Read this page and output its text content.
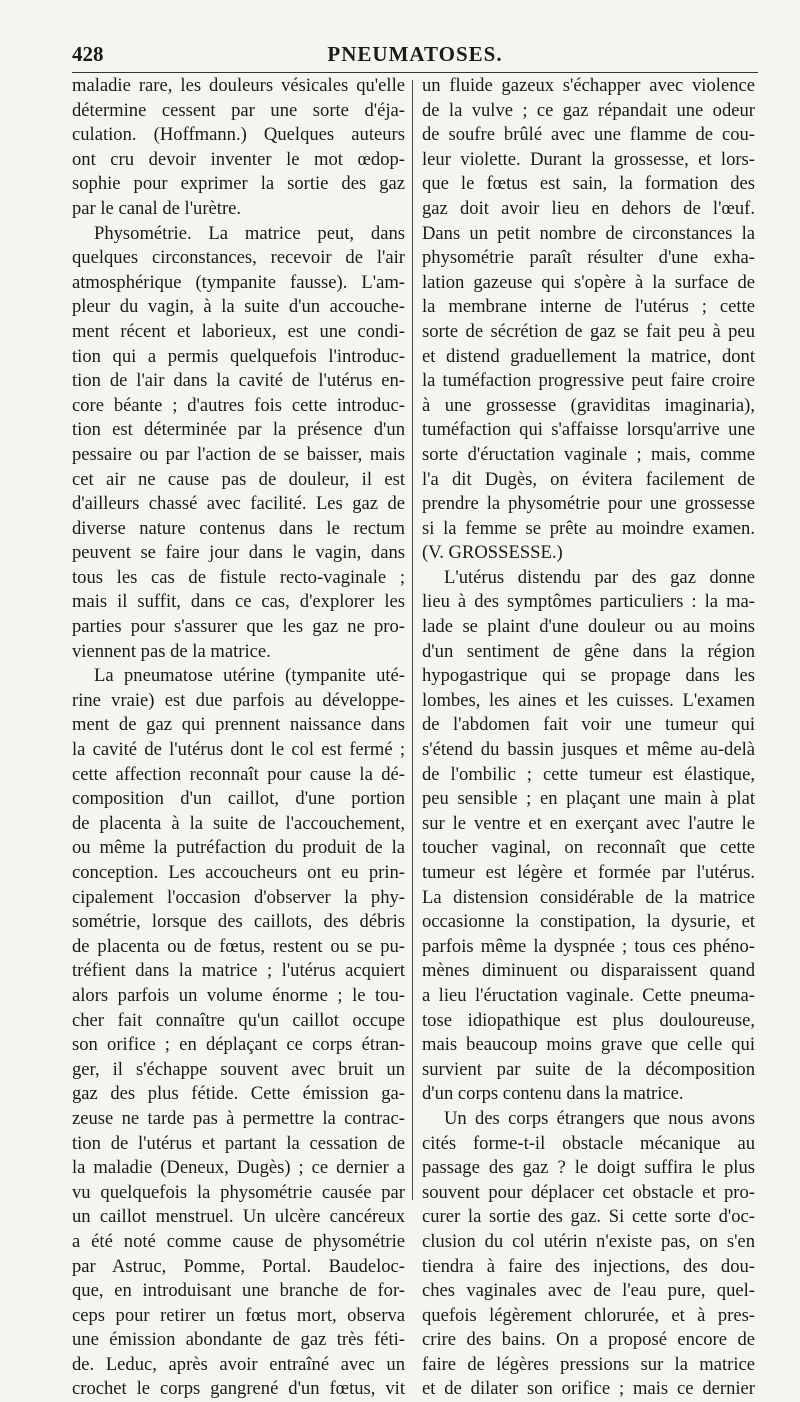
428	PNEUMATOSES.
maladie rare, les douleurs vésicales qu'elle
détermine cessent par une sorte d'éja-
culation. (Hoffmann.) Quelques auteurs
ont cru devoir inventer le mot œdop-
sophie pour exprimer la sortie des gaz
par le canal de l'urètre.
Physométrie. La matrice peut, dans
quelques circonstances, recevoir de l'air
atmosphérique (tympanite fausse). L'am-
pleur du vagin, à la suite d'un accouche-
ment récent et laborieux, est une condi-
tion qui a permis quelquefois l'introduc-
tion de l'air dans la cavité de l'utérus en-
core béante ; d'autres fois cette introduc-
tion est déterminée par la présence d'un
pessaire ou par l'action de se baisser, mais
cet air ne cause pas de douleur, il est
d'ailleurs chassé avec facilité. Les gaz de
diverse nature contenus dans le rectum
peuvent se faire jour dans le vagin, dans
tous les cas de fistule recto-vaginale ;
mais il suffit, dans ce cas, d'explorer les
parties pour s'assurer que les gaz ne pro-
viennent pas de la matrice.
La pneumatose utérine (tympanite uté-
rine vraie) est due parfois au développe-
ment de gaz qui prennent naissance dans
la cavité de l'utérus dont le col est fermé ;
cette affection reconnaît pour cause la dé-
composition d'un caillot, d'une portion
de placenta à la suite de l'accouchement,
ou même la putréfaction du produit de la
conception. Les accoucheurs ont eu prin-
cipalement l'occasion d'observer la phy-
sométrie, lorsque des caillots, des débris
de placenta ou de fœtus, restent ou se pu-
tréfient dans la matrice ; l'utérus acquiert
alors parfois un volume énorme ; le tou-
cher fait connaître qu'un caillot occupe
son orifice ; en déplaçant ce corps étran-
ger, il s'échappe souvent avec bruit un
gaz des plus fétide. Cette émission ga-
zeuse ne tarde pas à permettre la contrac-
tion de l'utérus et partant la cessation de
la maladie (Deneux, Dugès) ; ce dernier a
vu quelquefois la physométrie causée par
un caillot menstruel. Un ulcère cancéreux
a été noté comme cause de physométrie
par Astruc, Pomme, Portal. Baudeloc-
que, en introduisant une branche de for-
ceps pour retirer un fœtus mort, observa
une émission abondante de gaz très féti-
de. Leduc, après avoir entraîné avec un
crochet le corps gangrené d'un fœtus, vit
un fluide gazeux s'échapper avec violence
de la vulve ; ce gaz répandait une odeur
de soufre brûlé avec une flamme de cou-
leur violette. Durant la grossesse, et lors-
que le fœtus est sain, la formation des
gaz doit avoir lieu en dehors de l'œuf.
Dans un petit nombre de circonstances la
physométrie paraît résulter d'une exha-
lation gazeuse qui s'opère à la surface de
la membrane interne de l'utérus ; cette
sorte de sécrétion de gaz se fait peu à peu
et distend graduellement la matrice, dont
la tuméfaction progressive peut faire croire
à une grossesse (graviditas imaginaria),
tuméfaction qui s'affaisse lorsqu'arrive une
sorte d'éructation vaginale ; mais, comme
l'a dit Dugès, on évitera facilement de
prendre la physométrie pour une grossesse
si la femme se prête au moindre examen.
(V. GROSSESSE.)
L'utérus distendu par des gaz donne
lieu à des symptômes particuliers : la ma-
lade se plaint d'une douleur ou au moins
d'un sentiment de gêne dans la région
hypogastrique qui se propage dans les
lombes, les aines et les cuisses. L'examen
de l'abdomen fait voir une tumeur qui
s'étend du bassin jusques et même au-delà
de l'ombilic ; cette tumeur est élastique,
peu sensible ; en plaçant une main à plat
sur le ventre et en exerçant avec l'autre le
toucher vaginal, on reconnaît que cette
tumeur est légère et formée par l'utérus.
La distension considérable de la matrice
occasionne la constipation, la dysurie, et
parfois même la dyspnée ; tous ces phéno-
mènes diminuent ou disparaissent quand
a lieu l'éructation vaginale. Cette pneuma-
tose idiopathique est plus douloureuse,
mais beaucoup moins grave que celle qui
survient par suite de la décomposition
d'un corps contenu dans la matrice.
Un des corps étrangers que nous avons
cités forme-t-il obstacle mécanique au
passage des gaz ? le doigt suffira le plus
souvent pour déplacer cet obstacle et pro-
curer la sortie des gaz. Si cette sorte d'oc-
clusion du col utérin n'existe pas, on s'en
tiendra à faire des injections, des dou-
ches vaginales avec de l'eau pure, quel-
quefois légèrement chlorurée, et à pres-
crire des bains. On a proposé encore de
faire de légères pressions sur la matrice
et de dilater son orifice ; mais ce dernier
